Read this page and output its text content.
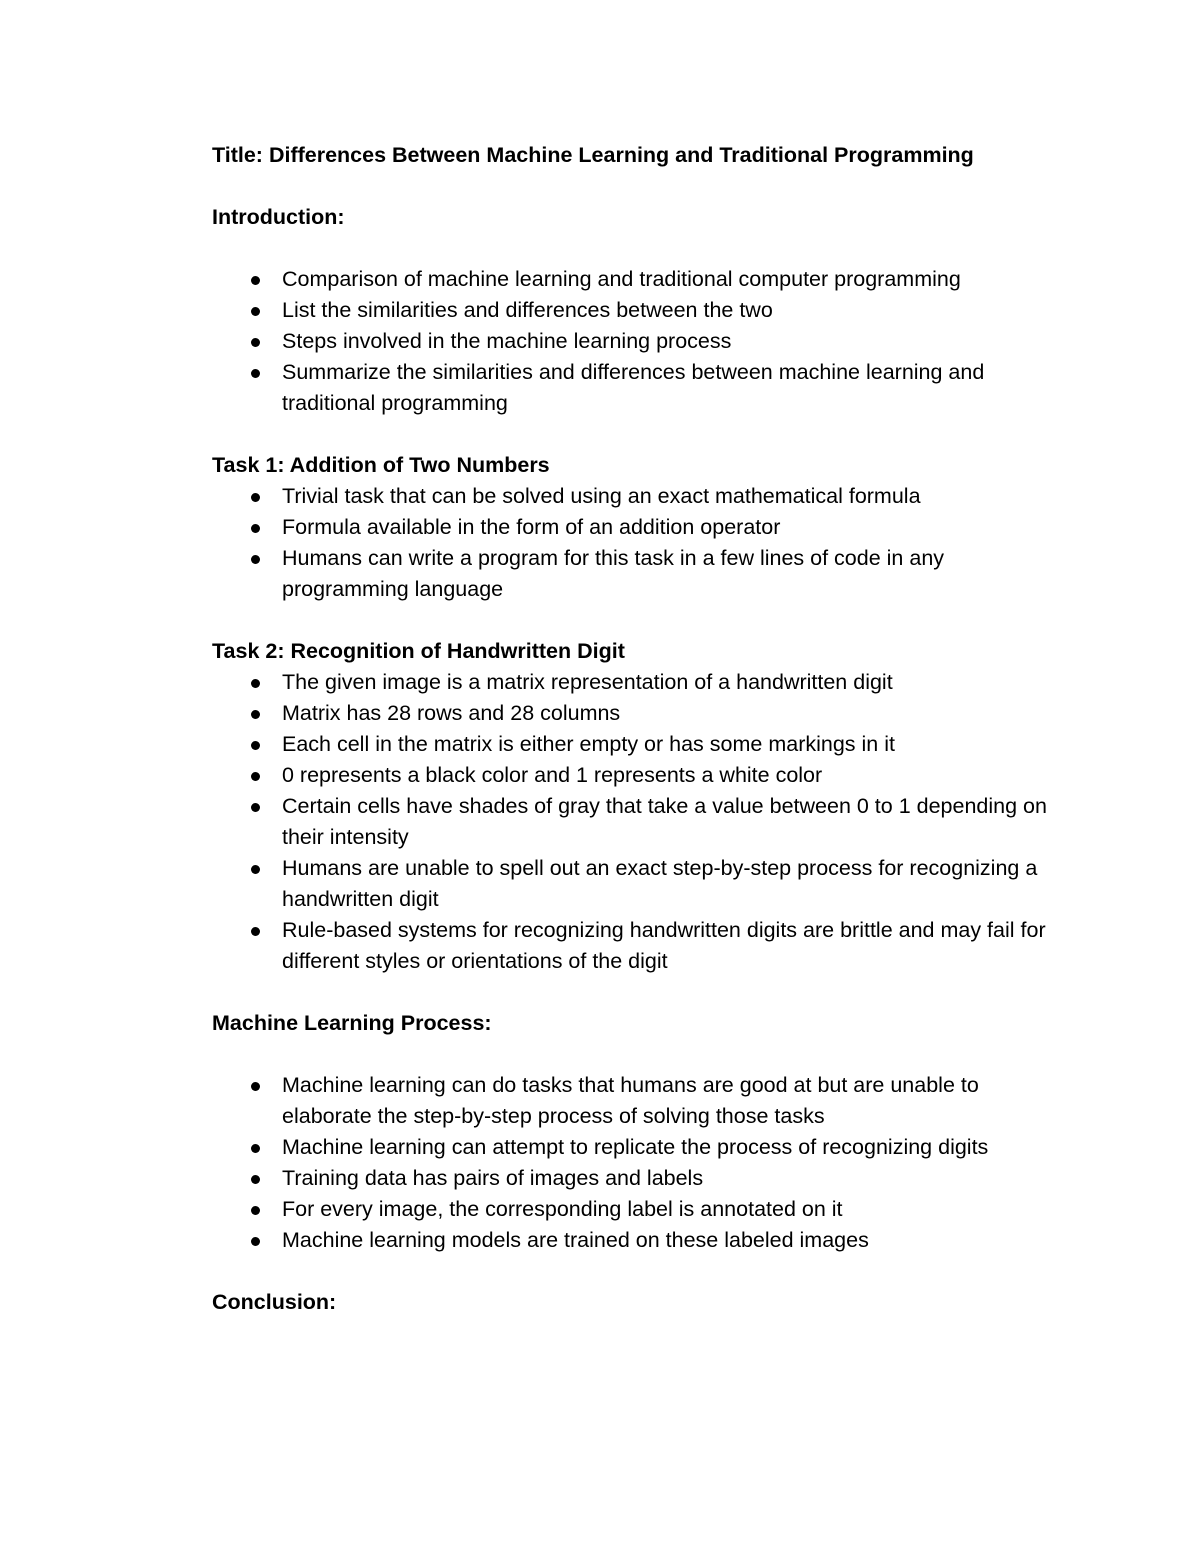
Title: Differences Between Machine Learning and Traditional Programming
Introduction:
Comparison of machine learning and traditional computer programming
List the similarities and differences between the two
Steps involved in the machine learning process
Summarize the similarities and differences between machine learning and traditional programming
Task 1: Addition of Two Numbers
Trivial task that can be solved using an exact mathematical formula
Formula available in the form of an addition operator
Humans can write a program for this task in a few lines of code in any programming language
Task 2: Recognition of Handwritten Digit
The given image is a matrix representation of a handwritten digit
Matrix has 28 rows and 28 columns
Each cell in the matrix is either empty or has some markings in it
0 represents a black color and 1 represents a white color
Certain cells have shades of gray that take a value between 0 to 1 depending on their intensity
Humans are unable to spell out an exact step-by-step process for recognizing a handwritten digit
Rule-based systems for recognizing handwritten digits are brittle and may fail for different styles or orientations of the digit
Machine Learning Process:
Machine learning can do tasks that humans are good at but are unable to elaborate the step-by-step process of solving those tasks
Machine learning can attempt to replicate the process of recognizing digits
Training data has pairs of images and labels
For every image, the corresponding label is annotated on it
Machine learning models are trained on these labeled images
Conclusion:
